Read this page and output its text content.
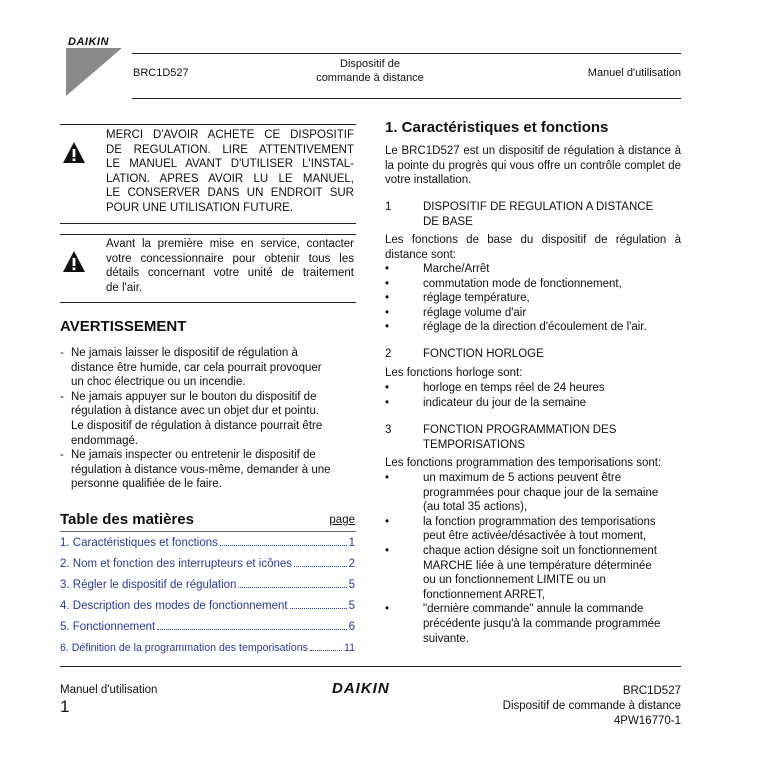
DAIKIN
BRC1D527
Dispositif de
commande à distance	Manuel d'utilisation
MERCI D'AVOIR ACHETE CE DISPOSITIF
DE REGULATION. LIRE ATTENTIVEMENT
LE MANUEL AVANT D'UTILISER L'INSTAL-
LATION. APRES AVOIR LU LE MANUEL,
LE CONSERVER DANS UN ENDROIT SUR
POUR UNE UTILISATION FUTURE.
Avant la première mise en service, contacter
votre concessionnaire pour obtenir tous les
détails concernant votre unité de traitement
de l'air.
AVERTISSEMENT
- Ne jamais laisser le dispositif de régulation à
distance être humide, car cela pourrait provoquer
un choc électrique ou un incendie.
- Ne jamais appuyer sur le bouton du dispositif de
régulation à distance avec un objet dur et pointu.
Le dispositif de régulation à distance pourrait être
endommagé.
- Ne jamais inspecter ou entretenir le dispositif de
régulation à distance vous-même, demander à une
personne qualifiée de le faire.
Table des matières	page
1. Caractéristiques et fonctions	1
2. Nom et fonction des interrupteurs et icônes	2
3. Régler le dispositif de régulation	5
4. Description des modes de fonctionnement	5
5. Fonctionnement	6
6. Définition de la programmation des temporisations	11
1. Caractéristiques et fonctions
Le BRC1D527 est un dispositif de régulation à distance à la pointe du progrès qui vous offre un contrôle complet de votre installation.
1	DISPOSITIF DE REGULATION A DISTANCE
DE BASE
Les fonctions de base du dispositif de régulation à distance sont:
•	Marche/Arrêt
•	commutation mode de fonctionnement,
•	réglage température,
•	réglage volume d'air
•	réglage de la direction d'écoulement de l'air.
2	FONCTION HORLOGE
Les fonctions horloge sont:
•	horloge en temps réel de 24 heures
•	indicateur du jour de la semaine
3	FONCTION PROGRAMMATION DES
TEMPORISATIONS
Les fonctions programmation des temporisations sont:
•	un maximum de 5 actions peuvent être
programmées pour chaque jour de la semaine
(au total 35 actions),
•	la fonction programmation des temporisations
peut être activée/désactivée à tout moment,
•	chaque action désigne soit un fonctionnement
MARCHE liée à une température déterminée
ou un fonctionnement LIMITE ou un
fonctionnement ARRET,
•	"dernière commande" annule la commande
précédente jusqu'à la commande programmée
suivante.
Manuel d'utilisation
1
DAIKIN	BRC1D527
Dispositif de commande à distance
4PW16770-1
